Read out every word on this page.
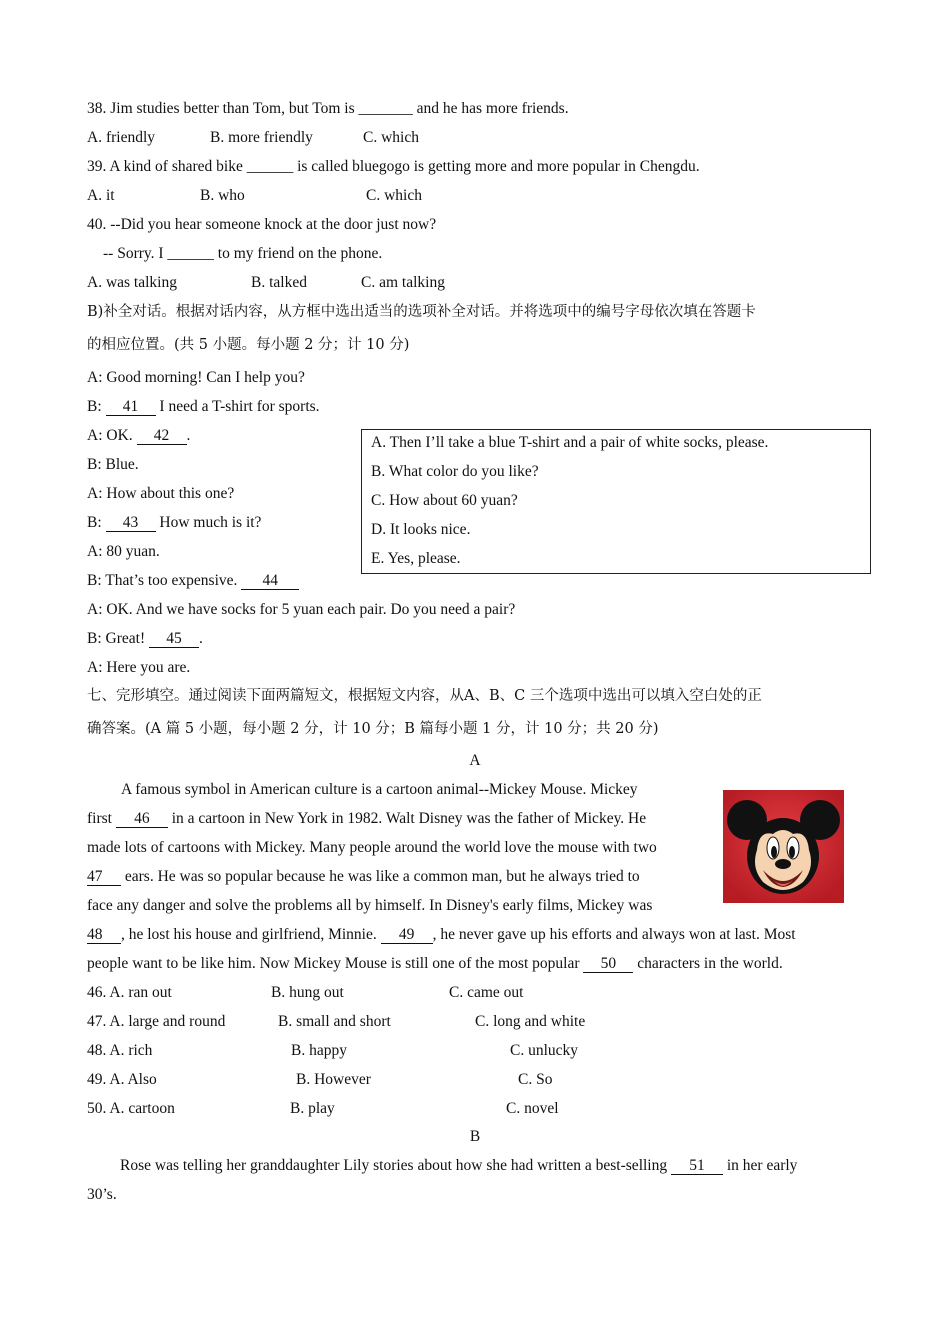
38. Jim studies better than Tom, but Tom is _______ and he has more friends.
A. friendly	B. more friendly	C. which
39. A kind of shared bike ______ is called bluegogo is getting more and more popular in Chengdu.
A. it	B. who	C. which
40. --Did you hear someone knock at the door just now?
-- Sorry. I ______ to my friend on the phone.
A. was talking	B. talked	C. am talking
B)补全对话。根据对话内容，从方框中选出适当的选项补全对话。并将选项中的编号字母依次填在答题卡
的相应位置。(共 5 小题。每小题 2 分；计 10 分)
A: Good morning! Can I help you?
B: 41 I need a T-shirt for sports.
A: OK. 42 .
B: Blue.
A: How about this one?
B: 43 How much is it?
A: 80 yuan.
B: That’s too expensive. 44
A: OK. And we have socks for 5 yuan each pair. Do you need a pair?
B: Great! 45 .
A: Here you are.
A. Then I’ll take a blue T-shirt and a pair of white socks, please.
B. What color do you like?
C. How about 60 yuan?
D. It looks nice.
E. Yes, please.
七、完形填空。通过阅读下面两篇短文，根据短文内容，从A、B、C 三个选项中选出可以填入空白处的正
确答案。(A 篇 5 小题，每小题 2 分，计 10 分；B 篇每小题 1 分，计 10 分；共 20 分)
A
A famous symbol in American culture is a cartoon animal--Mickey Mouse. Mickey
first 46 in a cartoon in New York in 1982. Walt Disney was the father of Mickey. He
made lots of cartoons with Mickey. Many people around the world love the mouse with two
47 ears. He was so popular because he was like a common man, but he always tried to
face any danger and solve the problems all by himself. In Disney's early films, Mickey was
48 , he lost his house and girlfriend, Minnie. 49 , he never gave up his efforts and always won at last. Most
people want to be like him. Now Mickey Mouse is still one of the most popular 50 characters in the world.
46. A. ran out	B. hung out	C. came out
47. A. large and round	B. small and short	C. long and white
48. A. rich	B. happy	C. unlucky
49. A. Also	B. However	C. So
50. A. cartoon	B. play	C. novel
B
Rose was telling her granddaughter Lily stories about how she had written a best-selling 51 in her early
30’s.
